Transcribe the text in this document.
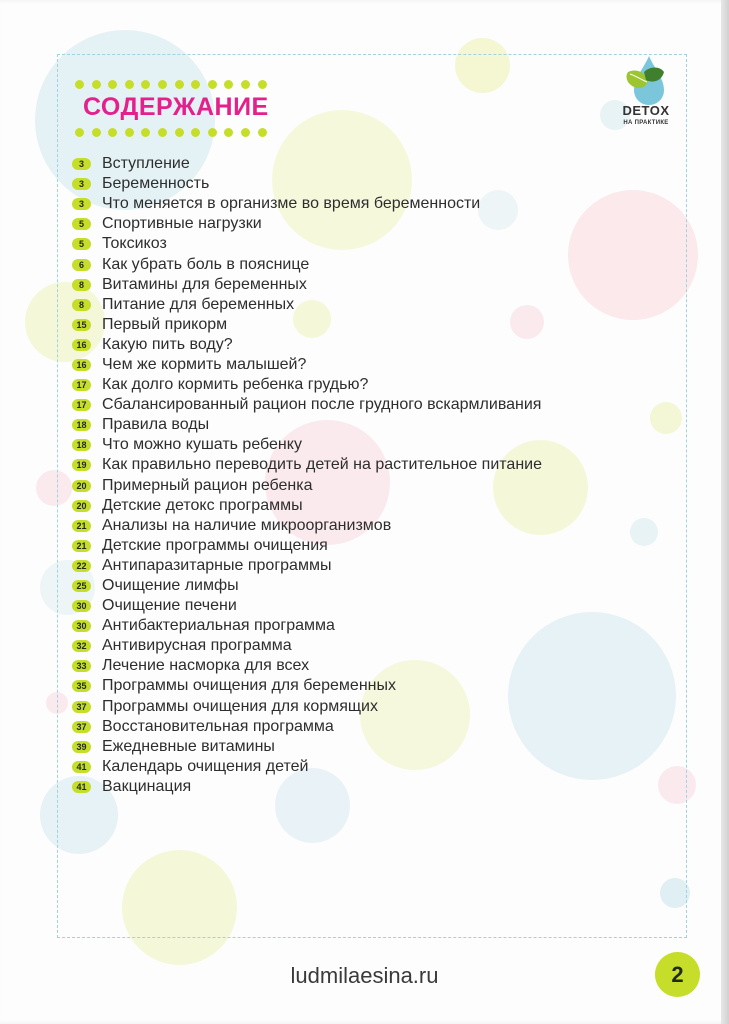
СОДЕРЖАНИЕ	DETOX
НА ПРАКТИКЕ
3	Вступление
3	Беременность
3	Что меняется в организме во время беременности
5	Спортивные нагрузки
5	Токсикоз
6	Как убрать боль в пояснице
8	Витамины для беременных
8	Питание для беременных
15 Первый прикорм
16 Какую пить воду?
16 Чем же кормить малышей?
17 Как долго кормить ребенка грудью?
17 Сбалансированный рацион после грудного вскармливания
18 Правила воды
18 Что можно кушать ребенку
19 Как правильно переводить детей на растительное питание
20 Примерный рацион ребенка
20 Детские детокс программы
21 Анализы на наличие микроорганизмов
21 Детские программы очищения
22 Антипаразитарные программы
25 Очищение лимфы
30 Очищение печени
30 Антибактериальная программа
32 Антивирусная программа
33 Лечение насморка для всех
35 Программы очищения для беременных
37 Программы очищения для кормящих
37 Восстановительная программа
39 Ежедневные витамины
41 Календарь очищения детей
41 Вакцинация
ludmilaesina.ru	2
